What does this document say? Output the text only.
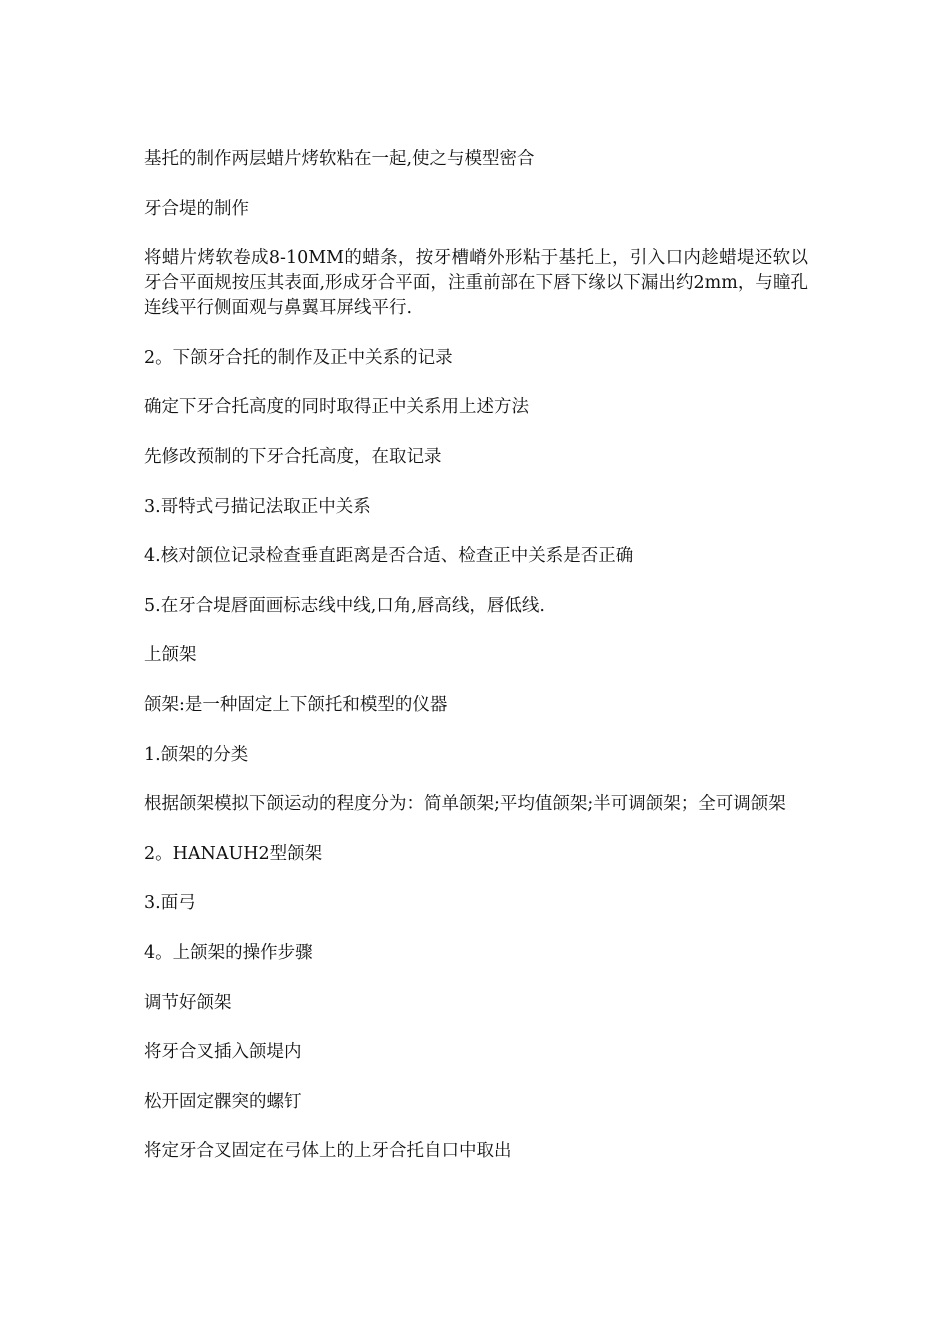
基托的制作两层蜡片烤软粘在一起,使之与模型密合

牙合堤的制作

将蜡片烤软卷成8-10MM的蜡条，按牙槽嵴外形粘于基托上，引入口内趁蜡堤还软以牙合平面规按压其表面,形成牙合平面，注重前部在下唇下缘以下漏出约2mm，与瞳孔连线平行侧面观与鼻翼耳屏线平行.

2。下颌牙合托的制作及正中关系的记录

确定下牙合托高度的同时取得正中关系用上述方法

先修改预制的下牙合托高度，在取记录

3.哥特式弓描记法取正中关系

4.核对颌位记录检查垂直距离是否合适、检查正中关系是否正确

5.在牙合堤唇面画标志线中线,口角,唇高线，唇低线.

上颌架

颌架:是一种固定上下颌托和模型的仪器

1.颌架的分类

根据颌架模拟下颌运动的程度分为：简单颌架;平均值颌架;半可调颌架；全可调颌架

2。HANAUH2型颌架

3.面弓

4。上颌架的操作步骤

调节好颌架

将牙合叉插入颌堤内

松开固定髁突的螺钉

将定牙合叉固定在弓体上的上牙合托自口中取出
